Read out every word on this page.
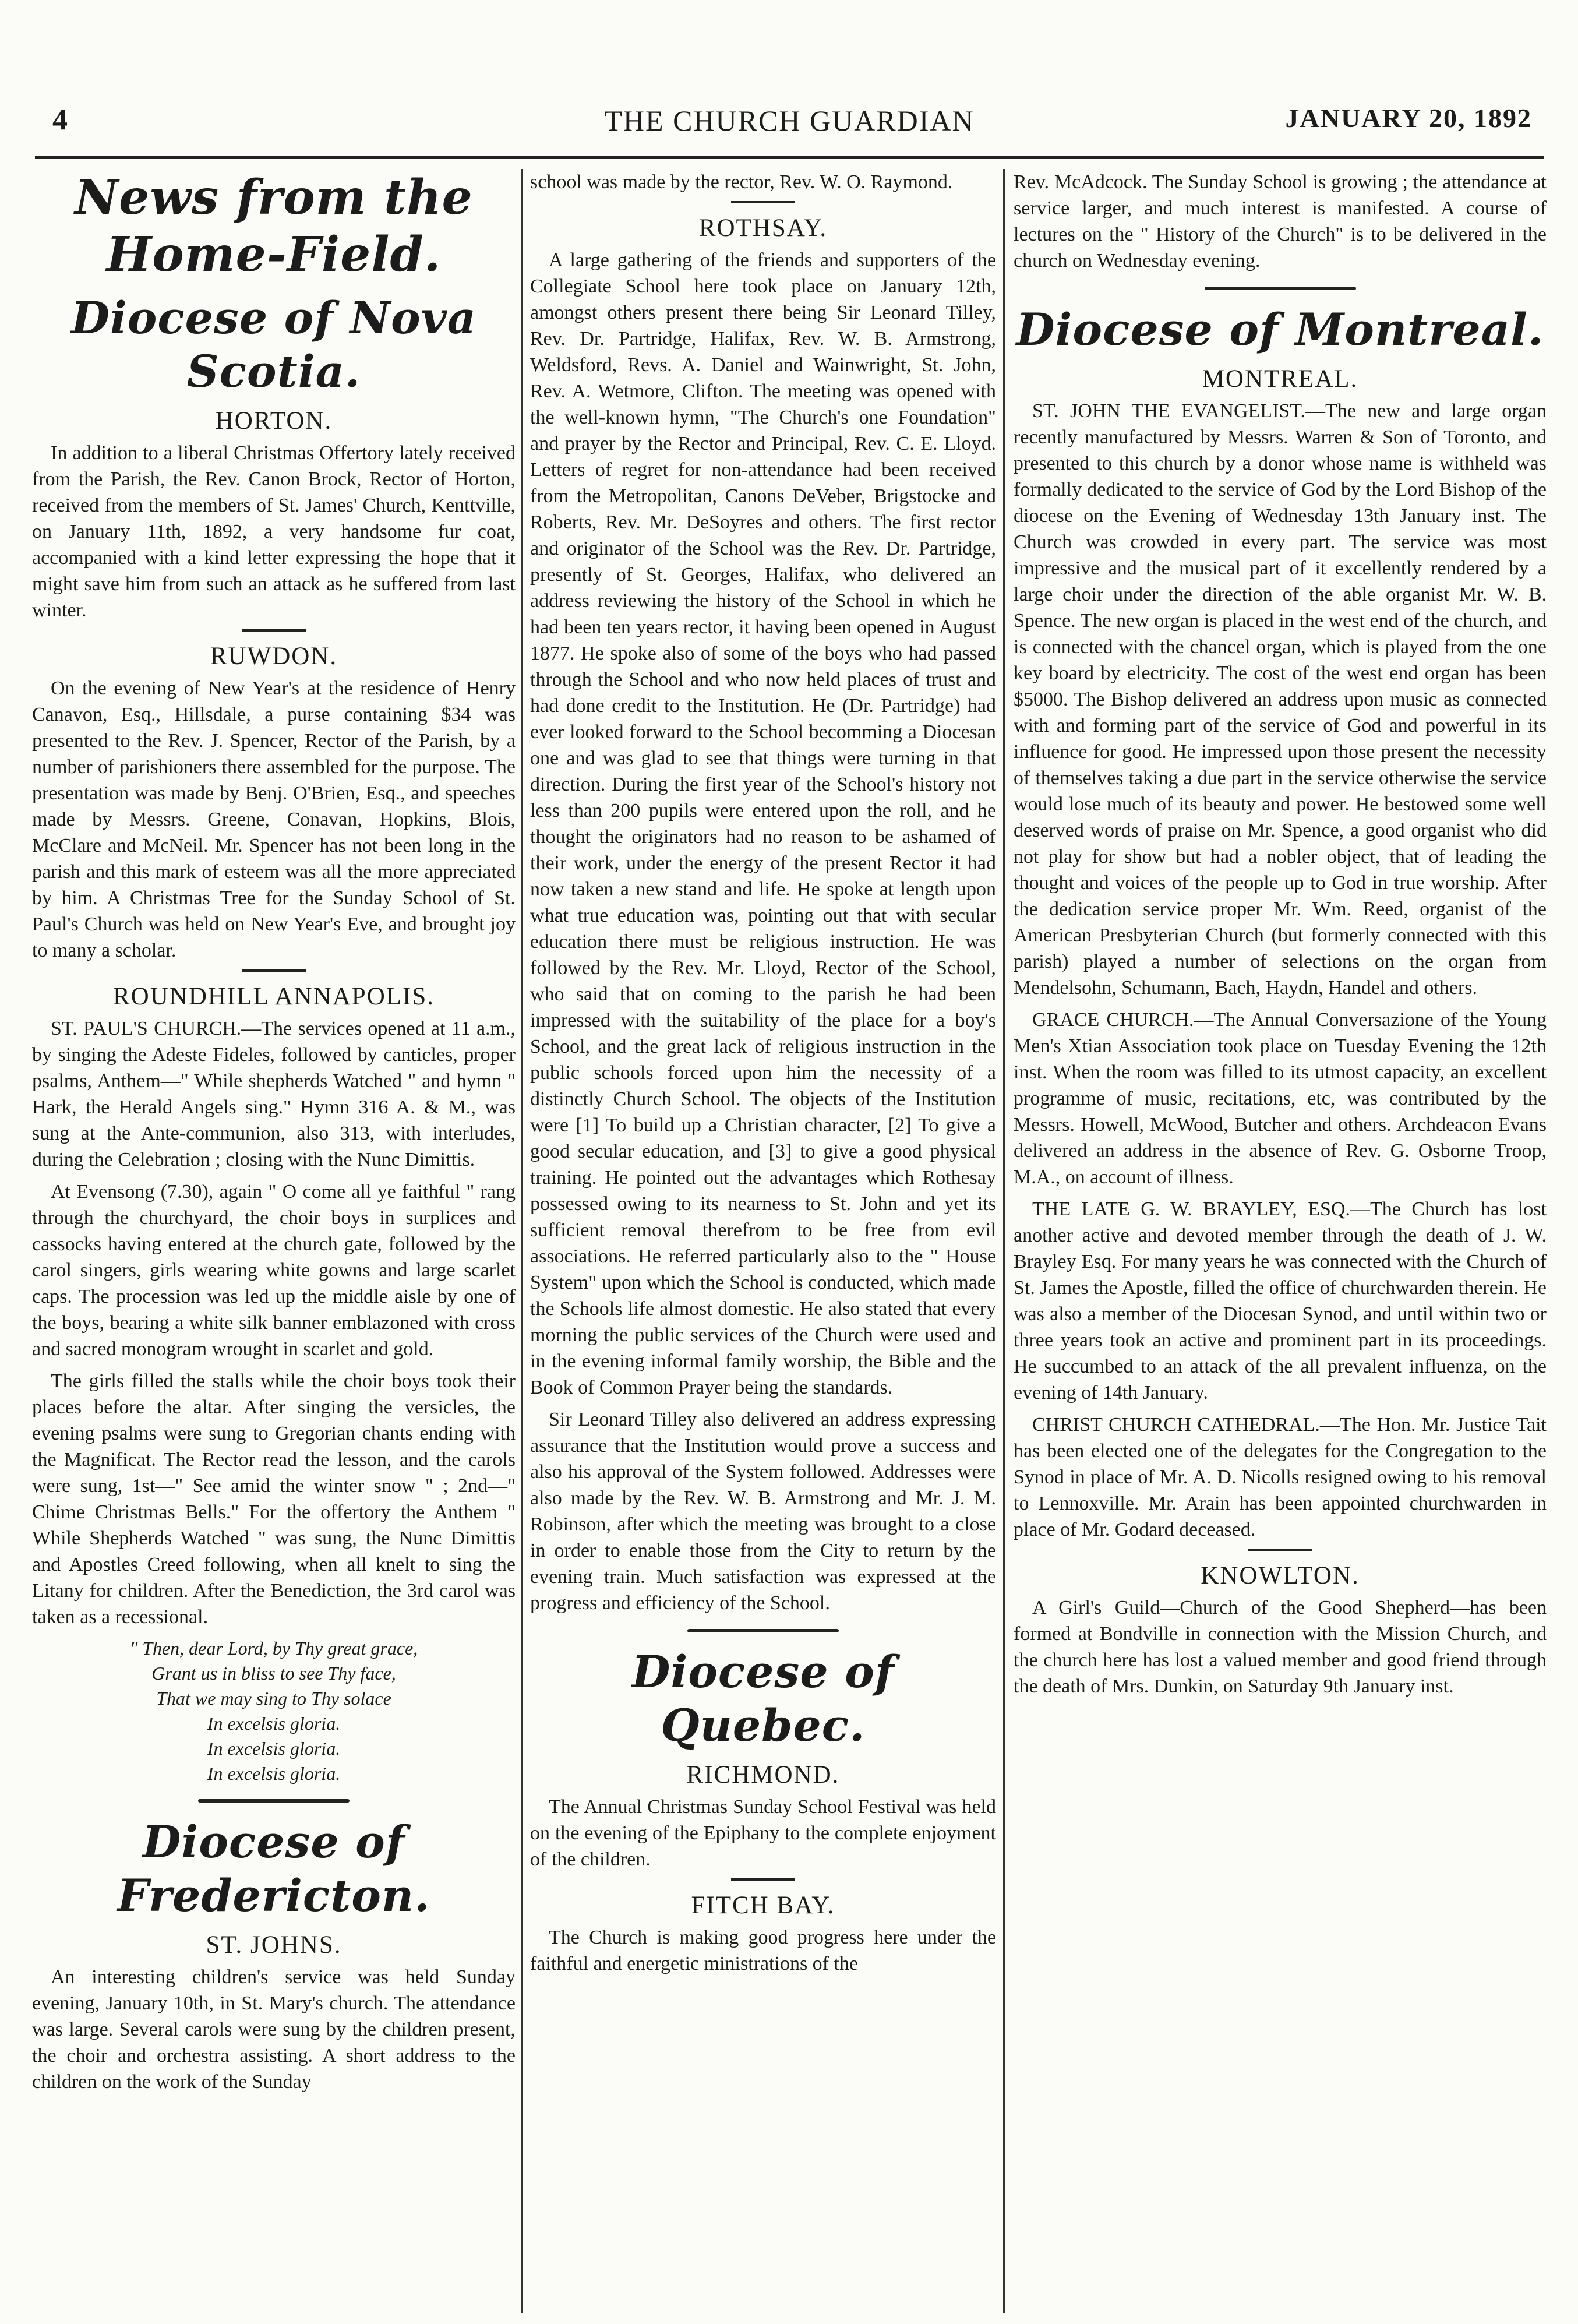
4	THE CHURCH GUARDIAN	JANUARY 20, 1892
News from the Home-Field.
Diocese of Nova Scotia.
HORTON.

In addition to a liberal Christmas Offertory lately received from the Parish, the Rev. Canon Brock, Rector of Horton, received from the members of St. James' Church, Kenttville, on January 11th, 1892, a very handsome fur coat, accompanied with a kind letter expressing the hope that it might save him from such an attack as he suffered from last winter.

RUWDON.

On the evening of New Year's at the residence of Henry Canavon, Esq., Hillsdale, a purse containing $34 was presented to the Rev. J. Spencer, Rector of the Parish, by a number of parishioners there assembled for the purpose. The presentation was made by Benj. O'Brien, Esq., and speeches made by Messrs. Greene, Conavan, Hopkins, Blois, McClare and McNeil. Mr. Spencer has not been long in the parish and this mark of esteem was all the more appreciated by him. A Christmas Tree for the Sunday School of St. Paul's Church was held on New Year's Eve, and brought joy to many a scholar.

ROUNDHILL ANNAPOLIS.

ST. PAUL'S CHURCH.—The services opened at 11 a.m., by singing the Adeste Fideles, followed by canticles, proper psalms, Anthem—" While shepherds Watched " and hymn " Hark, the Herald Angels sing." Hymn 316 A. & M., was sung at the Ante-communion, also 313, with interludes, during the Celebration ; closing with the Nunc Dimittis.

At Evensong (7.30), again " O come all ye faithful " rang through the churchyard, the choir boys in surplices and cassocks having entered at the church gate, followed by the carol singers, girls wearing white gowns and large scarlet caps. The procession was led up the middle aisle by one of the boys, bearing a white silk banner emblazoned with cross and sacred monogram wrought in scarlet and gold.

The girls filled the stalls while the choir boys took their places before the altar. After singing the versicles, the evening psalms were sung to Gregorian chants ending with the Magnificat. The Rector read the lesson, and the carols were sung, 1st—" See amid the winter snow " ; 2nd—" Chime Christmas Bells." For the offertory the Anthem " While Shepherds Watched " was sung, the Nunc Dimittis and Apostles Creed following, when all knelt to sing the Litany for children. After the Benediction, the 3rd carol was taken as a recessional.

" Then, dear Lord, by Thy great grace,
Grant us in bliss to see Thy face,
That we may sing to Thy solace
In excelsis gloria.
In excelsis gloria.
In excelsis gloria.
Diocese of Fredericton.
ST. JOHNS.

An interesting children's service was held Sunday evening, January 10th, in St. Mary's church. The attendance was large. Several carols were sung by the children present, the choir and orchestra assisting. A short address to the children on the work of the Sunday

school was made by the rector, Rev. W. O. Raymond.

ROTHSAY.

A large gathering of the friends and supporters of the Collegiate School here took place on January 12th, amongst others present there being Sir Leonard Tilley, Rev. Dr. Partridge, Halifax, Rev. W. B. Armstrong, Weldsford, Revs. A. Daniel and Wainwright, St. John, Rev. A. Wetmore, Clifton. The meeting was opened with the well-known hymn, "The Church's one Foundation" and prayer by the Rector and Principal, Rev. C. E. Lloyd. Letters of regret for non-attendance had been received from the Metropolitan, Canons DeVeber, Brigstocke and Roberts, Rev. Mr. DeSoyres and others. The first rector and originator of the School was the Rev. Dr. Partridge, presently of St. Georges, Halifax, who delivered an address reviewing the history of the School in which he had been ten years rector, it having been opened in August 1877. He spoke also of some of the boys who had passed through the School and who now held places of trust and had done credit to the Institution. He (Dr. Partridge) had ever looked forward to the School becomming a Diocesan one and was glad to see that things were turning in that direction. During the first year of the School's history not less than 200 pupils were entered upon the roll, and he thought the originators had no reason to be ashamed of their work, under the energy of the present Rector it had now taken a new stand and life. He spoke at length upon what true education was, pointing out that with secular education there must be religious instruction. He was followed by the Rev. Mr. Lloyd, Rector of the School, who said that on coming to the parish he had been impressed with the suitability of the place for a boy's School, and the great lack of religious instruction in the public schools forced upon him the necessity of a distinctly Church School. The objects of the Institution were [1] To build up a Christian character, [2] To give a good secular education, and [3] to give a good physical training. He pointed out the advantages which Rothesay possessed owing to its nearness to St. John and yet its sufficient removal therefrom to be free from evil associations. He referred particularly also to the " House System" upon which the School is conducted, which made the Schools life almost domestic. He also stated that every morning the public services of the Church were used and in the evening informal family worship, the Bible and the Book of Common Prayer being the standards.

Sir Leonard Tilley also delivered an address expressing assurance that the Institution would prove a success and also his approval of the System followed. Addresses were also made by the Rev. W. B. Armstrong and Mr. J. M. Robinson, after which the meeting was brought to a close in order to enable those from the City to return by the evening train. Much satisfaction was expressed at the progress and efficiency of the School.

Diocese of Quebec.
RICHMOND.

The Annual Christmas Sunday School Festival was held on the evening of the Epiphany to the complete enjoyment of the children.

FITCH BAY.

The Church is making good progress here under the faithful and energetic ministrations of the

Rev. McAdcock. The Sunday School is growing ; the attendance at service larger, and much interest is manifested. A course of lectures on the " History of the Church" is to be delivered in the church on Wednesday evening.

Diocese of Montreal.
MONTREAL.

ST. JOHN THE EVANGELIST.—The new and large organ recently manufactured by Messrs. Warren & Son of Toronto, and presented to this church by a donor whose name is withheld was formally dedicated to the service of God by the Lord Bishop of the diocese on the Evening of Wednesday 13th January inst. The Church was crowded in every part. The service was most impressive and the musical part of it excellently rendered by a large choir under the direction of the able organist Mr. W. B. Spence. The new organ is placed in the west end of the church, and is connected with the chancel organ, which is played from the one key board by electricity. The cost of the west end organ has been $5000. The Bishop delivered an address upon music as connected with and forming part of the service of God and powerful in its influence for good. He impressed upon those present the necessity of themselves taking a due part in the service otherwise the service would lose much of its beauty and power. He bestowed some well deserved words of praise on Mr. Spence, a good organist who did not play for show but had a nobler object, that of leading the thought and voices of the people up to God in true worship. After the dedication service proper Mr. Wm. Reed, organist of the American Presbyterian Church (but formerly connected with this parish) played a number of selections on the organ from Mendelsohn, Schumann, Bach, Haydn, Handel and others.

GRACE CHURCH.—The Annual Conversazione of the Young Men's Xtian Association took place on Tuesday Evening the 12th inst. When the room was filled to its utmost capacity, an excellent programme of music, recitations, etc, was contributed by the Messrs. Howell, McWood, Butcher and others. Archdeacon Evans delivered an address in the absence of Rev. G. Osborne Troop, M.A., on account of illness.

THE LATE G. W. BRAYLEY, ESQ.—The Church has lost another active and devoted member through the death of J. W. Brayley Esq. For many years he was connected with the Church of St. James the Apostle, filled the office of churchwarden therein. He was also a member of the Diocesan Synod, and until within two or three years took an active and prominent part in its proceedings. He succumbed to an attack of the all prevalent influenza, on the evening of 14th January.

CHRIST CHURCH CATHEDRAL.—The Hon. Mr. Justice Tait has been elected one of the delegates for the Congregation to the Synod in place of Mr. A. D. Nicolls resigned owing to his removal to Lennoxville. Mr. Arain has been appointed churchwarden in place of Mr. Godard deceased.

KNOWLTON.

A Girl's Guild—Church of the Good Shepherd—has been formed at Bondville in connection with the Mission Church, and the church here has lost a valued member and good friend through the death of Mrs. Dunkin, on Saturday 9th January inst.
